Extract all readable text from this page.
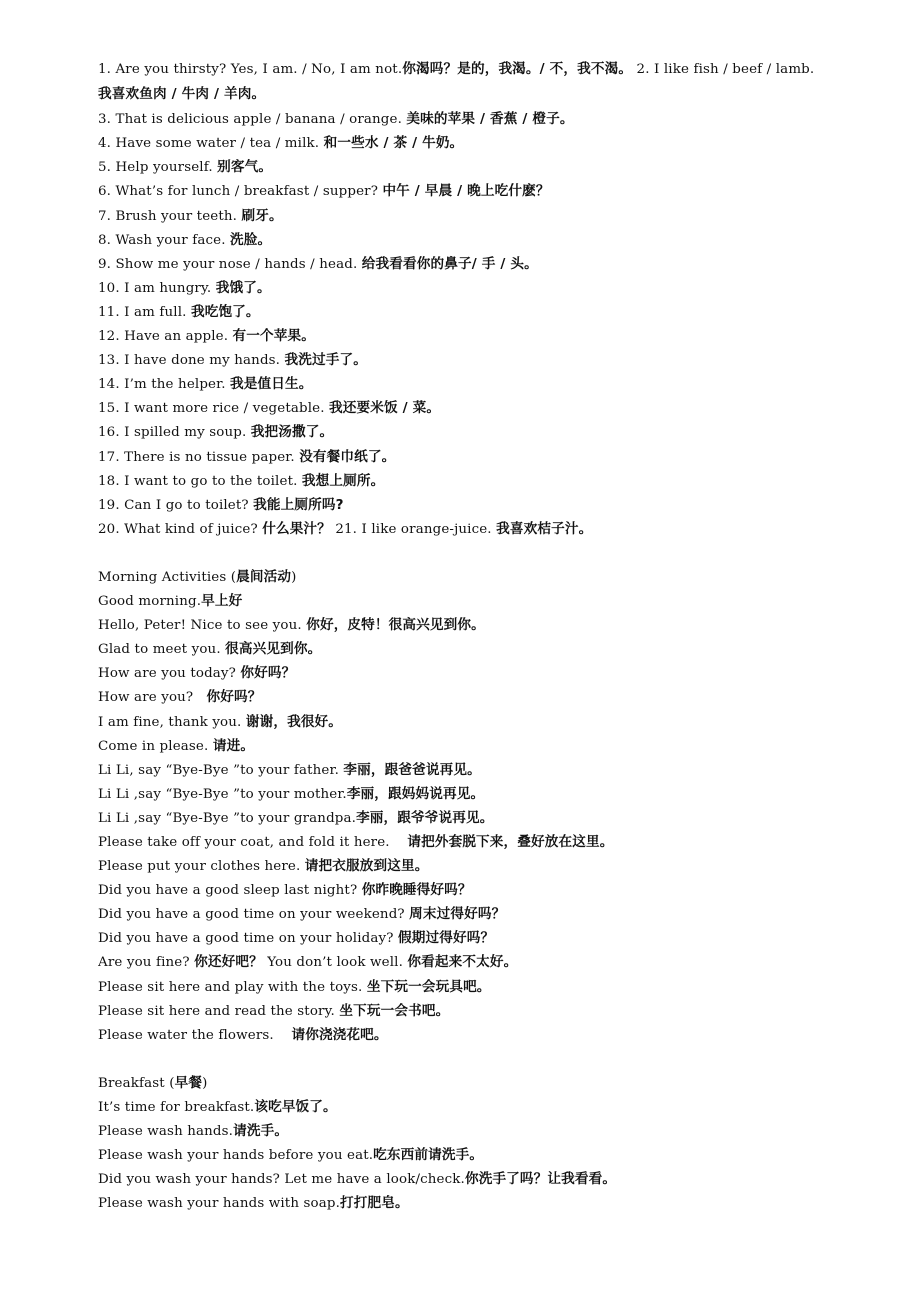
1. Are you thirsty? Yes, I am. / No, I am not.你渴吗？是的，我渴。/ 不，我不渴。 2. I like fish / beef / lamb. 我喜欢鱼肉 / 牛肉 / 羊肉。
3. That is delicious apple / banana / orange. 美味的苹果 / 香蕉 / 橙子。
4. Have some water / tea / milk. 和一些水 / 茶 / 牛奶。
5. Help yourself. 别客气。
6. What’s for lunch / breakfast / supper? 中午 / 早晨 / 晚上吃什麽？
7. Brush your teeth. 刷牙。
8. Wash your face. 洗脸。
9. Show me your nose / hands / head. 给我看看你的鼻子/ 手 / 头。
10. I am hungry. 我饿了。
11. I am full. 我吃饱了。
12. Have an apple. 有一个苹果。
13. I have done my hands. 我洗过手了。
14. I’m the helper. 我是值日生。
15. I want more rice / vegetable. 我还要米饭 / 菜。
16. I spilled my soup. 我把汤撒了。
17. There is no tissue paper. 没有餐巾纸了。
18. I want to go to the toilet. 我想上厕所。
19. Can I go to toilet? 我能上厕所吗?
20. What kind of juice? 什么果汁？ 21. I like orange-juice. 我喜欢桔子汁。
Morning Activities (晨间活动)
Good morning.早上好
Hello, Peter! Nice to see you. 你好，皮特！很高兴见到你。
Glad to meet you. 很高兴见到你。
How are you today? 你好吗？
How are you?   你好吗？
I am fine, thank you. 谢谢，我很好。
Come in please. 请进。
Li Li, say “Bye-Bye ”to your father. 李丽，跟爸爸说再见。
Li Li ,say “Bye-Bye ”to your mother.李丽，跟妈妈说再见。
Li Li ,say “Bye-Bye ”to your grandpa.李丽，跟爷爷说再见。
Please take off your coat, and fold it here.    请把外套脱下来，叠好放在这里。
Please put your clothes here. 请把衣服放到这里。
Did you have a good sleep last night? 你昨晚睡得好吗？
Did you have a good time on your weekend? 周末过得好吗？
Did you have a good time on your holiday? 假期过得好吗？
Are you fine? 你还好吧？ You don’t look well. 你看起来不太好。
Please sit here and play with the toys. 坐下玩一会玩具吧。
Please sit here and read the story. 坐下玩一会书吧。
Please water the flowers.    请你浇浇花吧。
Breakfast (早餐)
It’s time for breakfast.该吃早饭了。
Please wash hands.请洗手。
Please wash your hands before you eat.吃东西前请洗手。
Did you wash your hands? Let me have a look/check.你洗手了吗？让我看看。
Please wash your hands with soap.打打肥皂。
